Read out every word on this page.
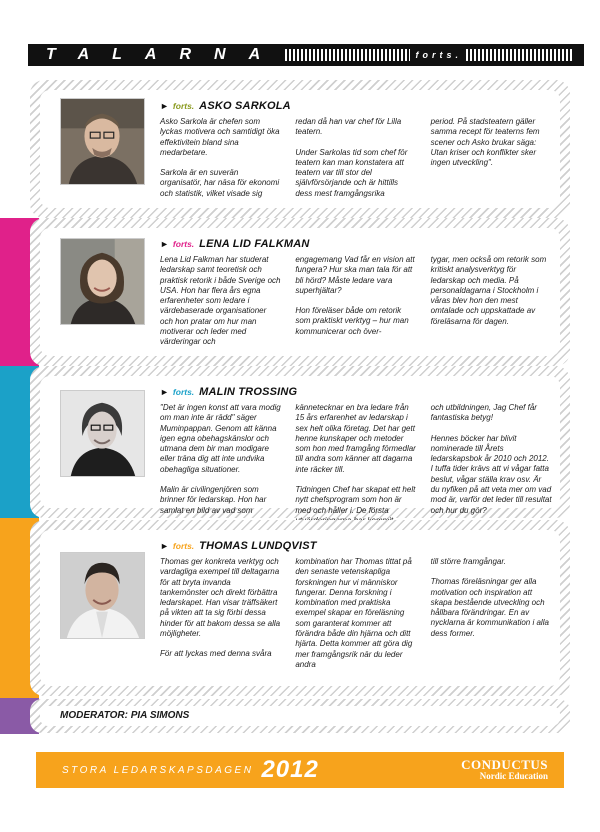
TALARNA	forts.
► forts. ASKO SARKOLA

Asko Sarkola är chefen som lyckas motivera och samtidigt öka effektivitein bland sina medarbetare.

Sarkola är en suverän organisatör, har näsa för ekonomi och statistik, vilket visade sig

redan då han var chef för Lilla teatern.

Under Sarkolas tid som chef för teatern kan man konstatera att teatern var till stor del självförsörjande och är hittills dess mest framgångsrika

period. På stadsteatern gäller samma recept för teaterns fem scener och Asko brukar säga: Utan kriser och konflikter sker ingen utveckling".

► forts. LENA LID FALKMAN

Lena Lid Falkman har studerat ledarskap samt teoretisk och praktisk retorik i både Sverige och USA. Hon har flera års egna erfarenheter som ledare i värdebaserade organisationer och hon pratar om hur man motiverar och leder med värderingar och

engagemang Vad får en vision att fungera? Hur ska man tala för att bli hörd? Måste ledare vara superhjältar?

Hon föreläser både om retorik som praktiskt verktyg – hur man kommunicerar och över-

tygar, men också om retorik som kritiskt analysverktyg för ledarskap och media. På personaldagarna i Stockholm i våras blev hon den mest omtalade och uppskattade av föreläsarna för dagen.

► forts. MALIN TROSSING

"Det är ingen konst att vara modig om man inte är rädd" säger Muminpappan. Genom att känna igen egna obehagskänslor och utmana dem bir man modigare eller träna dig att inte undvika obehagliga situationer.

Malin är civilingenjören som brinner för ledarskap. Hon har samlat en bild av vad som

kännetecknar en bra ledare från 15 års erfarenhet av ledarskap i sex helt olika företag. Det har gett henne kunskaper och metoder som hon med framgång förmedlar till andra som känner att dagarna inte räcker till.

Tidningen Chef har skapat ett helt nytt chefsprogram som hon är med och håller i. De första

och utbildningen, Jag Chef får fantastiska betyg!

Hennes böcker har blivit nominerade till Årets ledarskapsbok år 2010 och 2012. I tuffa tider krävs att vi vågar fatta beslut, vågar ställa krav osv. Är du nyfiken på att veta mer om vad mod är, varför det leder till resultat och hur du gör?

► forts. THOMAS LUNDQVIST

Thomas ger konkreta verktyg och vardagliga exempel till deltagarna för att bryta invanda tankemönster och direkt förbättra ledarskapet. Han visar träffsäkert på vikten att ta sig förbi dessa hinder för att bakom dessa se alla möjligheter.

För att lyckas med denna svåra

kombination har Thomas tittat på den senaste vetenskapliga forskningen hur vi människor fungerar. Denna forskning i kombination med praktiska exempel skapar en föreläsning som garanterat kommer att förändra både din hjärna och ditt hjärta. Detta kommer att göra dig mer framgångsrik när du leder andra

till större framgångar.

Thomas föreläsningar ger alla motivation och inspiration att skapa bestående utveckling och hållbara förändringar. En av nycklarna är kommunikation i alla dess former.

MODERATOR: PIA SIMONS
STORA LEDARSKAPSDAGEN 2012	CONDUCTUS
Nordic Education
